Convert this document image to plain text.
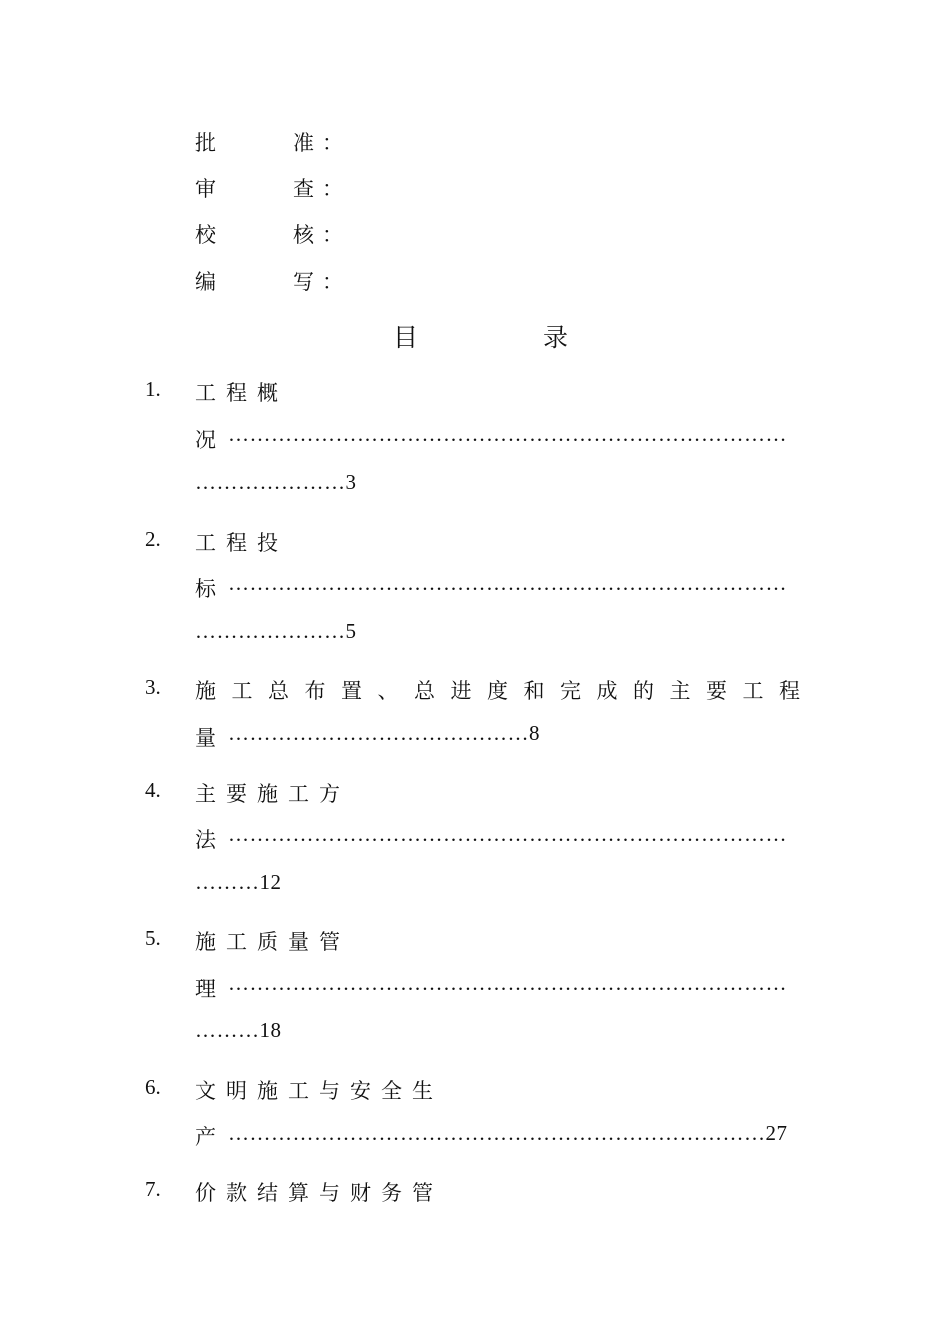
批	准 ：
审	查 ：
校	核 ：
编	写 ：
目	录
1. 工程概
况 ……………………………………………………………………
…………………3
2. 工程投
标 ……………………………………………………………………
…………………5
3. 施工总布置、总进度和完成的主要工程
量 ……………………………………8
4. 主要施工方
法 ……………………………………………………………………
………12
5. 施工质量管
理 ……………………………………………………………………
………18
6. 文明施工与安全生
产 …………………………………………………………………27
7. 价款结算与财务管
